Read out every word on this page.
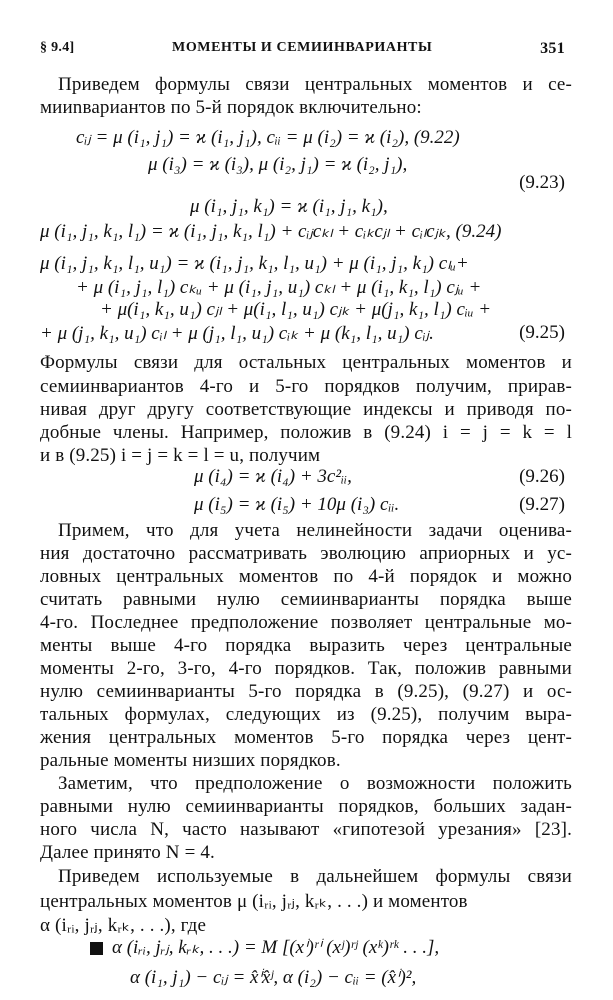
§ 9.4]	МОМЕНТЫ И СЕМИИНВАРИАНТЫ	351
Приведем формулы связи центральных моментов и се-
мииnвариантов по 5-й порядок включительно:
cᵢⱼ = μ (i₁, j₁) = ϰ (i₁, j₁), cᵢᵢ = μ (i₂) = ϰ (i₂), (9.22)
μ (i₃) = ϰ (i₃), μ (i₂, j₁) = ϰ (i₂, j₁),
(9.23)
μ (i₁, j₁, k₁) = ϰ (i₁, j₁, k₁),
μ (i₁, j₁, k₁, l₁) = ϰ (i₁, j₁, k₁, l₁) + cᵢⱼcₖₗ + cᵢₖcⱼₗ + cᵢₗcⱼₖ, (9.24)
μ (i₁, j₁, k₁, l₁, u₁) = ϰ (i₁, j₁, k₁, l₁, u₁) + μ (i₁, j₁, k₁) cₗᵤ+
+ μ (i₁, j₁, l₁) cₖᵤ + μ (i₁, j₁, u₁) cₖₗ + μ (i₁, k₁, l₁) cⱼᵤ +
+ μ(i₁, k₁, u₁) cⱼₗ + μ(i₁, l₁, u₁) cⱼₖ + μ(j₁, k₁, l₁) cᵢᵤ +
+ μ (j₁, k₁, u₁) cᵢₗ + μ (j₁, l₁, u₁) cᵢₖ + μ (k₁, l₁, u₁) cᵢⱼ.	(9.25)
Формулы связи для остальных центральных моментов и
семиинвариантов 4-го и 5-го порядков получим, прирав-
нивая друг другу соответствующие индексы и приводя по-
добные члены. Например, положив в (9.24) i = j = k = l
и в (9.25) i = j = k = l = u, получим
μ (i₄) = ϰ (i₄) + 3c²ᵢᵢ,	(9.26)
μ (i₅) = ϰ (i₅) + 10μ (i₃) cᵢᵢ.	(9.27)
Примем, что для учета нелинейности задачи оценива-
ния достаточно рассматривать эволюцию априорных и ус-
ловных центральных моментов по 4-й порядок и можно
считать равными нулю семиинварианты порядка выше
4-го. Последнее предположение позволяет центральные мо-
менты выше 4-го порядка выразить через центральные
моменты 2-го, 3-го, 4-го порядков. Так, положив равными
нулю семиинварианты 5-го порядка в (9.25), (9.27) и ос-
тальных формулах, следующих из (9.25), получим выра-
жения центральных моментов 5-го порядка через цент-
ральные моменты низших порядков.
Заметим, что предположение о возможности положить
равными нулю семиинварианты порядков, больших задан-
ного числа N, часто называют «гипотезой урезания» [23].
Далее принято N = 4.
Приведем используемые в дальнейшем формулы связи
центральных моментов μ (iᵣᵢ, jᵣⱼ, kᵣₖ, . . .) и моментов
α (iᵣᵢ, jᵣⱼ, kᵣₖ, . . .), где
α (iᵣᵢ, jᵣⱼ, kᵣₖ, . . .) = M [(xⁱ)ʳⁱ (xʲ)ʳʲ (xᵏ)ʳᵏ . . .],
α (i₁, j₁) − cᵢⱼ = x̂ⁱx̂ʲ, α (i₂) − cᵢᵢ = (x̂ⁱ)²,
